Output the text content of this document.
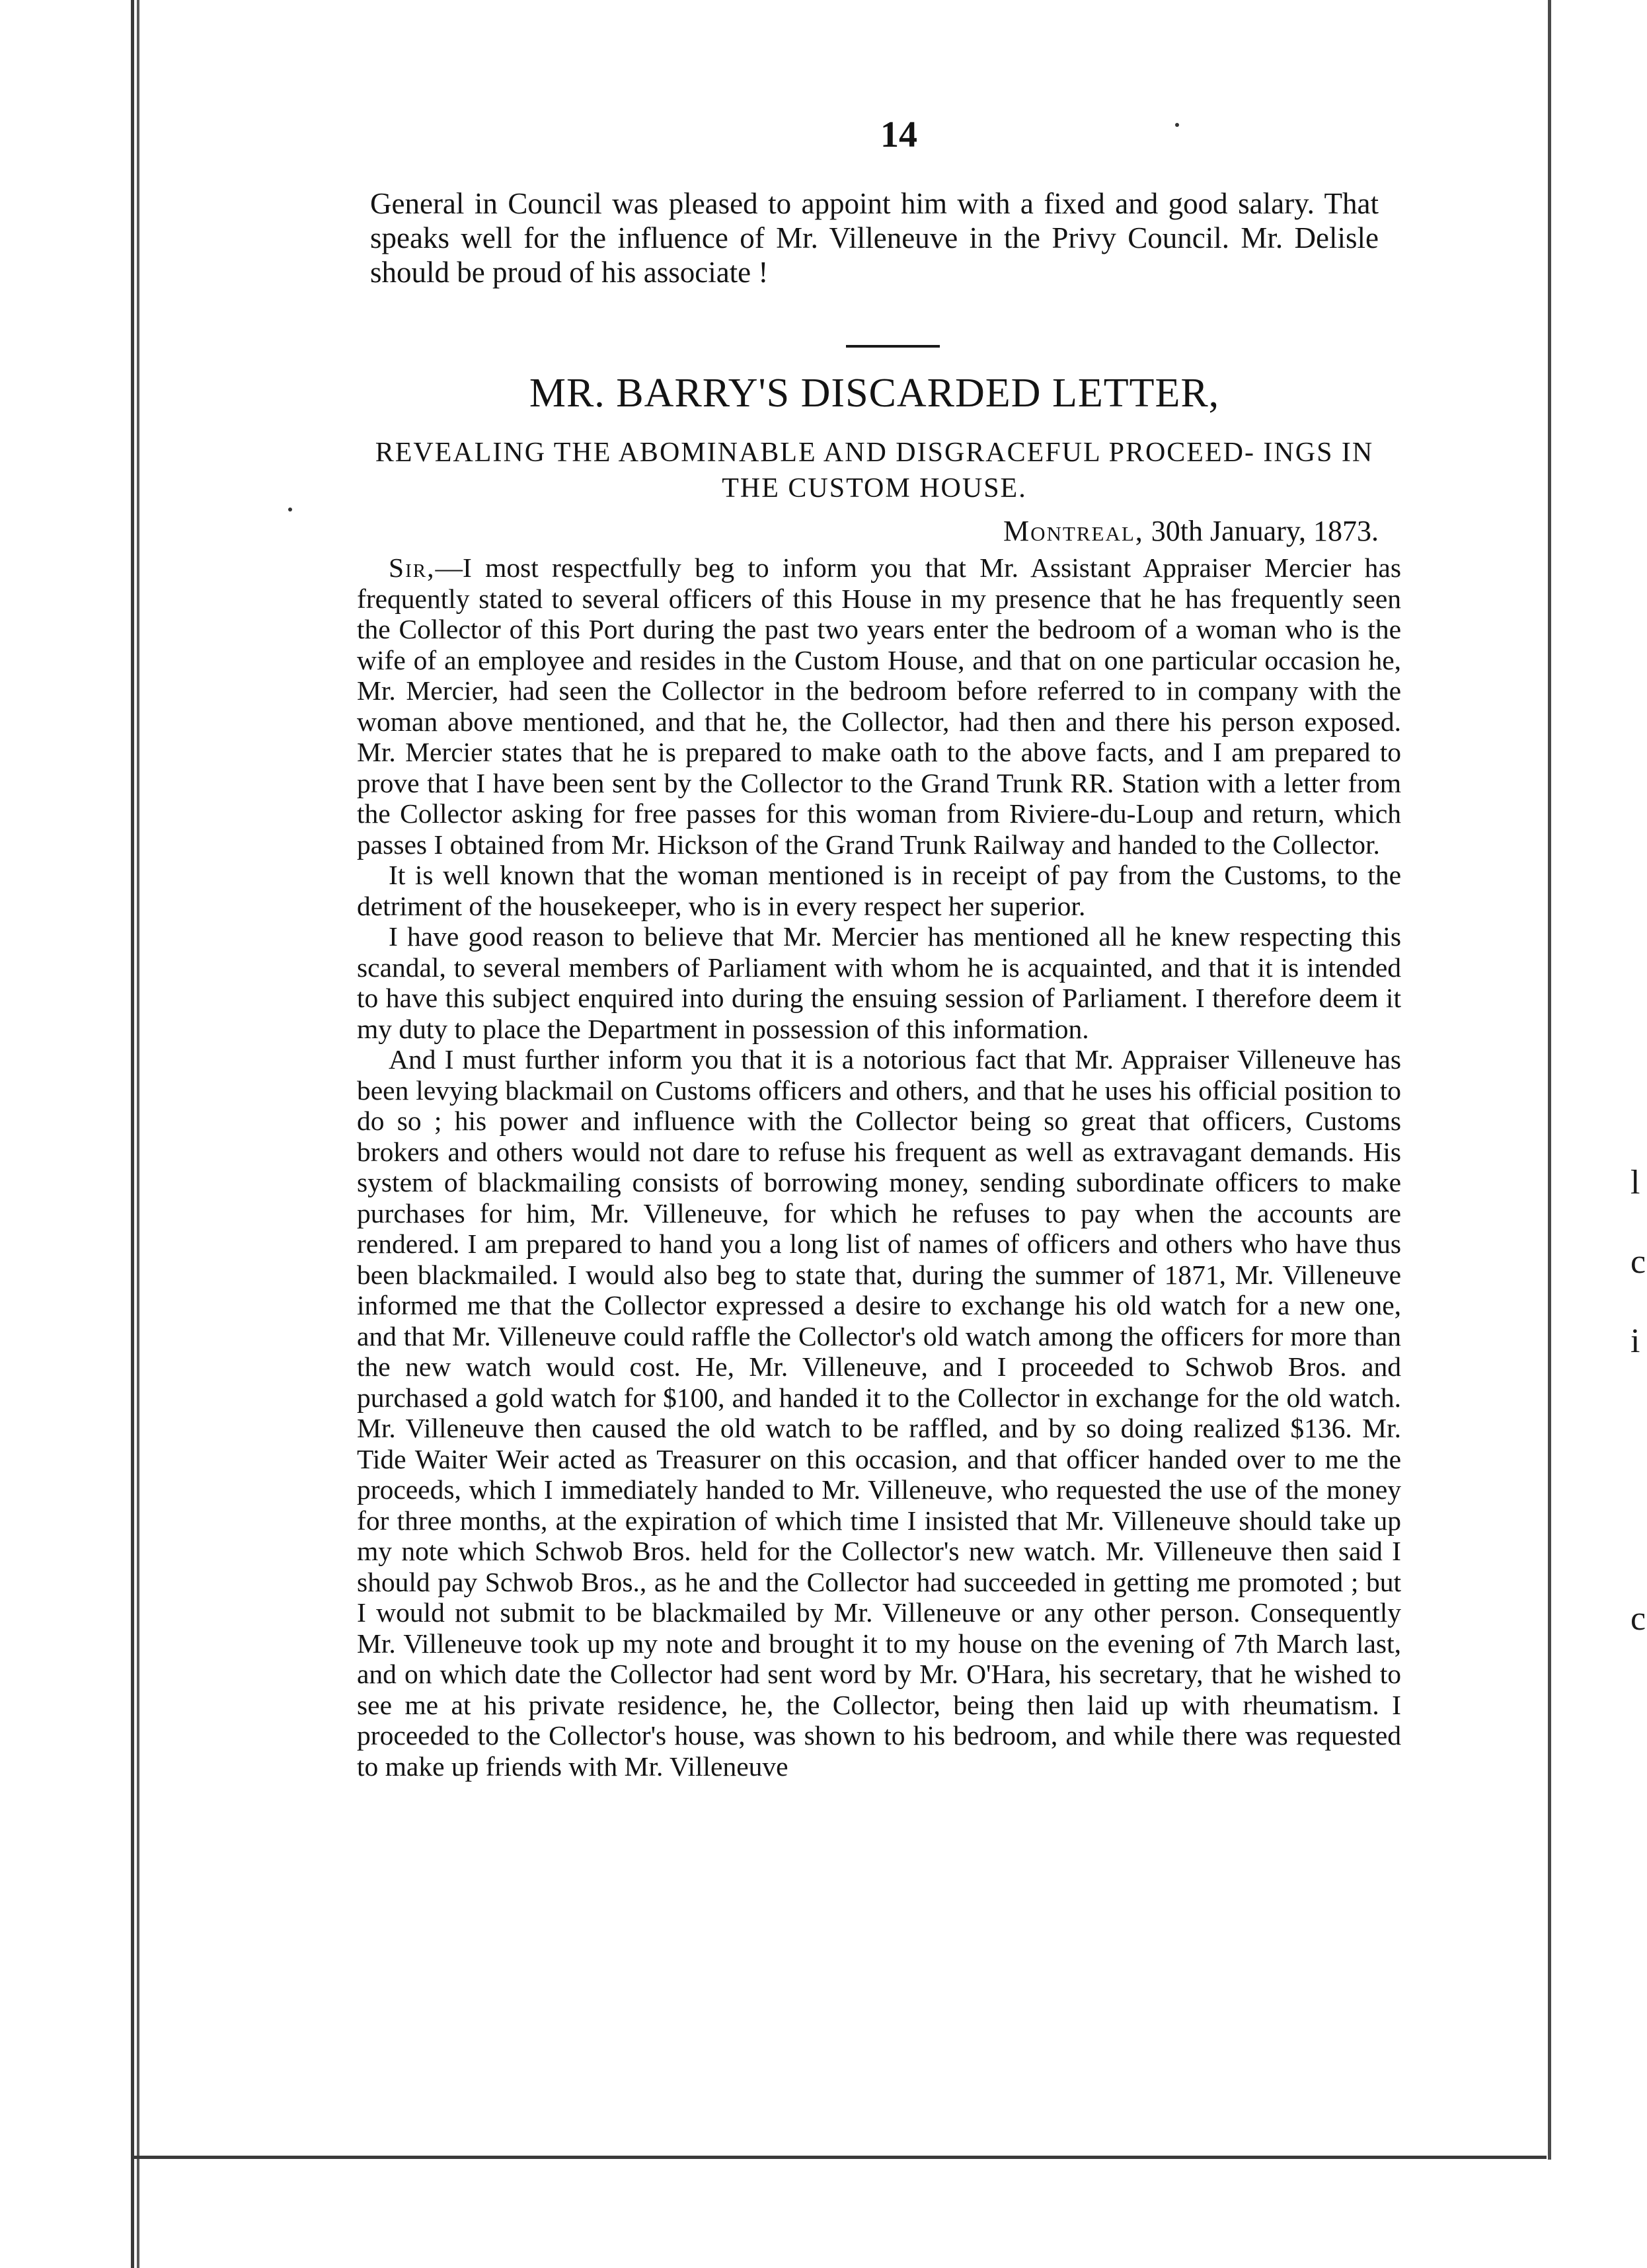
l
c
i
c
14
General in Council was pleased to appoint him with a fixed and good salary. That speaks well for the influence of Mr. Villeneuve in the Privy Council. Mr. Delisle should be proud of his associate !
MR. BARRY'S DISCARDED LETTER,
REVEALING THE ABOMINABLE AND DISGRACEFUL PROCEED- INGS IN THE CUSTOM HOUSE.
Montreal, 30th January, 1873.

Sir,—I most respectfully beg to inform you that Mr. Assistant Appraiser Mercier has frequently stated to several officers of this House in my presence that he has frequently seen the Collector of this Port during the past two years enter the bedroom of a woman who is the wife of an employee and resides in the Custom House, and that on one particular occasion he, Mr. Mercier, had seen the Collector in the bedroom before referred to in company with the woman above mentioned, and that he, the Collector, had then and there his person exposed. Mr. Mercier states that he is prepared to make oath to the above facts, and I am prepared to prove that I have been sent by the Collector to the Grand Trunk RR. Station with a letter from the Collector asking for free passes for this woman from Riviere-du-Loup and return, which passes I obtained from Mr. Hickson of the Grand Trunk Railway and handed to the Collector.

It is well known that the woman mentioned is in receipt of pay from the Customs, to the detriment of the housekeeper, who is in every respect her superior.

I have good reason to believe that Mr. Mercier has mentioned all he knew respecting this scandal, to several members of Parliament with whom he is acquainted, and that it is intended to have this subject enquired into during the ensuing session of Parliament. I therefore deem it my duty to place the Department in possession of this information.

And I must further inform you that it is a notorious fact that Mr. Appraiser Villeneuve has been levying blackmail on Customs officers and others, and that he uses his official position to do so ; his power and influence with the Collector being so great that officers, Customs brokers and others would not dare to refuse his frequent as well as extravagant demands. His system of blackmailing consists of borrowing money, sending subordinate officers to make purchases for him, Mr. Villeneuve, for which he refuses to pay when the accounts are rendered. I am prepared to hand you a long list of names of officers and others who have thus been blackmailed. I would also beg to state that, during the summer of 1871, Mr. Villeneuve informed me that the Collector expressed a desire to exchange his old watch for a new one, and that Mr. Villeneuve could raffle the Collector's old watch among the officers for more than the new watch would cost. He, Mr. Villeneuve, and I proceeded to Schwob Bros. and purchased a gold watch for $100, and handed it to the Collector in exchange for the old watch. Mr. Villeneuve then caused the old watch to be raffled, and by so doing realized $136. Mr. Tide Waiter Weir acted as Treasurer on this occasion, and that officer handed over to me the proceeds, which I immediately handed to Mr. Villeneuve, who requested the use of the money for three months, at the expiration of which time I insisted that Mr. Villeneuve should take up my note which Schwob Bros. held for the Collector's new watch. Mr. Villeneuve then said I should pay Schwob Bros., as he and the Collector had succeeded in getting me promoted ; but I would not submit to be blackmailed by Mr. Villeneuve or any other person. Consequently Mr. Villeneuve took up my note and brought it to my house on the evening of 7th March last, and on which date the Collector had sent word by Mr. O'Hara, his secretary, that he wished to see me at his private residence, he, the Collector, being then laid up with rheumatism. I proceeded to the Collector's house, was shown to his bedroom, and while there was requested to make up friends with Mr. Villeneuve
